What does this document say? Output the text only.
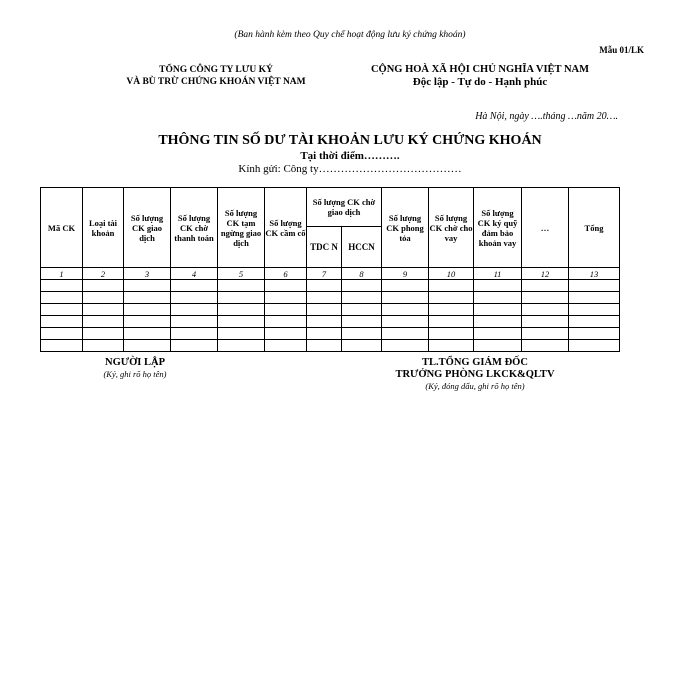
(Ban hành kèm theo Quy chế hoạt động lưu ký chứng khoán)
Mẫu 01/LK
TỔNG CÔNG TY LƯU KÝ
VÀ BÙ TRỪ CHỨNG KHOÁN VIỆT NAM
CỘNG HOÀ XÃ HỘI CHỦ NGHĨA VIỆT NAM
Độc lập - Tự do - Hạnh phúc
Hà Nội, ngày ….tháng …năm 20….
THÔNG TIN SỐ DƯ TÀI KHOẢN LƯU KÝ CHỨNG KHOÁN
Tại thời điểm……….
Kính gửi: Công ty…………………………………
Mã CK	Loại tài khoản	Số lượng CK giao dịch	Số lượng CK chờ thanh toán	Số lượng CK tạm ngừng giao dịch	Số lượng CK cầm cố	Số lượng CK chờ giao dịch		Số lượng CK phong tỏa	Số lượng CK chờ cho vay	Số lượng CK ký quỹ đảm bảo khoản vay	…	Tổng
						TDC N	HCCN					
1	2	3	4	5	6	7	8	9	10	11	12	13

NGƯỜI LẬP
(Ký, ghi rõ họ tên)
TL.TỔNG GIÁM ĐỐC
TRƯỞNG PHÒNG LKCK&QLTV
(Ký, đóng dấu, ghi rõ họ tên)
